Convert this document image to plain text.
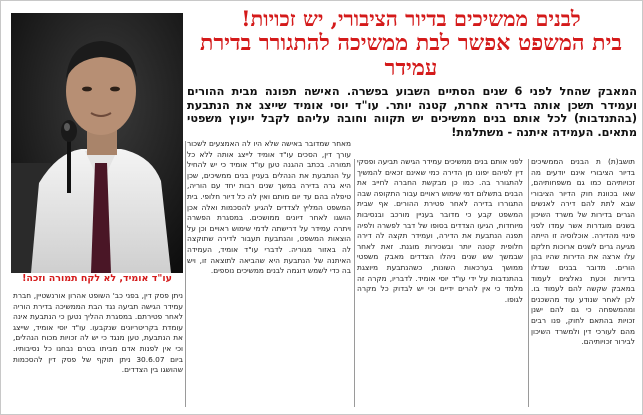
לבנים ממשיכים בדיור הציבורי, יש זכויות!
בית המשפט אפשר לבת ממשיכה להתגורר בדירת עמידר
המאבק שהחל לפני 6 שנים הסתיים השבוע בפשרה. האישה תפונה מבית ההורים ועמידר תשכן אותה בדירה אחרת, קטנה יותר. עו"ד יוסי אומיד שייצג את הנתבעת (בהתנדבות) לכל אותם בנים ממשיכים יש תקווה וחובה עליהם לקבל ייעוץ משפטי מתאים. העמידה איתנה - משתלמת!
עו"ד אומיד, לא לקח תמורה וזכה!

תושב(ת) ת הבנים הממשיכים בדיור הציבורי אינם יודעים מה זכויותיהם כמו גם משפחותיהם, שאו בכוונת חוק הדיור הציבורי שבא לתת להם דירה לאנשים הגרים בדירות של משרד השיכון בשנים מוגדרות אשר עמדו לפני פינוי מהדירה. אוכלוסיה זו הייתה מגיעה גרים לשנים ארוכות חלקם עלו ארצה את הדירות שהיו בהן הורים. מדובר בבנים שגדלו בדירות וכעת נאלצים לעמוד במאבק שקשה להם לעמוד בו. לכן לאחר שנודע עוד מהשכנים ומהמשפחה כי גם להם ישנן זכויות בהתאם לחוק, פנו רבים מהם לעורכי דין ולמשרד השיכון לבירור זכויותיהם.

לפני אותם בנים ממשיכים עמידר הגישה תביעה ופסקי דין לפיהם יפונו מן הדירה כמי שאינם זכאים להמשיך להתגורר בה. כמו כן מבקשת החברה לחייב את הבנים בתשלום דמי שימוש ראויים עבור התקופה שבה התגוררו בדירה לאחר פטירת ההורים. אף שבית המשפט קבע כי מדובר בעניין מורכב ובנסיבות מיוחדות, הגיעו הצדדים בסופו של דבר לפשרה ולפיה תפנה הנתבעת את הדירה, ועמידר תקצה לה דירה חלופית קטנה יותר ובשכירות מוגנת. זאת לאחר שבמשך שש שנים ניהלו הצדדים מאבק משפטי ממושך בערכאות השונות, כשהנתבעת מיוצגת בהתנדבות על ידי עו"ד יוסי אומיד. לדבריו, מקרה זה מלמד כי אין להרים ידיים וכי יש לבדוק כל מקרה לגופו.

מאחר שמדובר באישה שלא היו לה האמצעים לשכור עורך דין, הסכים עו"ד אומיד לייצג אותה ללא כל תמורה. בכתב ההגנה טען עו"ד אומיד כי יש להחיל על הנתבעת את הנהלים בעניין בנים ממשיכים, שכן היא גרה בדירה במשך שנים רבות יחד עם הוריה, טיפלה בהם עד יום מותם ואין לה כל דיור חלופי. בית המשפט המליץ לצדדים להגיע להסכמות ואלה אכן הושגו לאחר דיונים ממושכים. במסגרת הפשרה ויתרה עמידר על דרישתה לדמי שימוש ראויים וכן על הוצאות המשפט, והנתבעת תעבור לדירה שתוקצה לה באזור מגוריה. לדברי עו"ד אומיד, העמידה האיתנה של הנתבעת היא שהביאה לתוצאה זו, ויש בה כדי לשמש דוגמה לבנים ממשיכים נוספים.

ניתן פסק דין, בפני כב' השופט אהרון אורנשטיין, חברת עמידר הגישה תביעה נגד הבת הממשיכה בדירת הוריה לאחר פטירתם. במסגרת ההליך נטען כי הנתבעת אינה עומדת בקריטריונים שנקבעו. עו"ד יוסי אומיד, שייצג את הנתבעת, טען מנגד כי יש לה זכויות מכוח הנהלים, וכי אין לפנות אדם מביתו בטרם נבחנו כל נסיבותיו. ביום 30.6.07 ניתן תוקף של פסק דין להסכמות שהושגו בין הצדדים.
